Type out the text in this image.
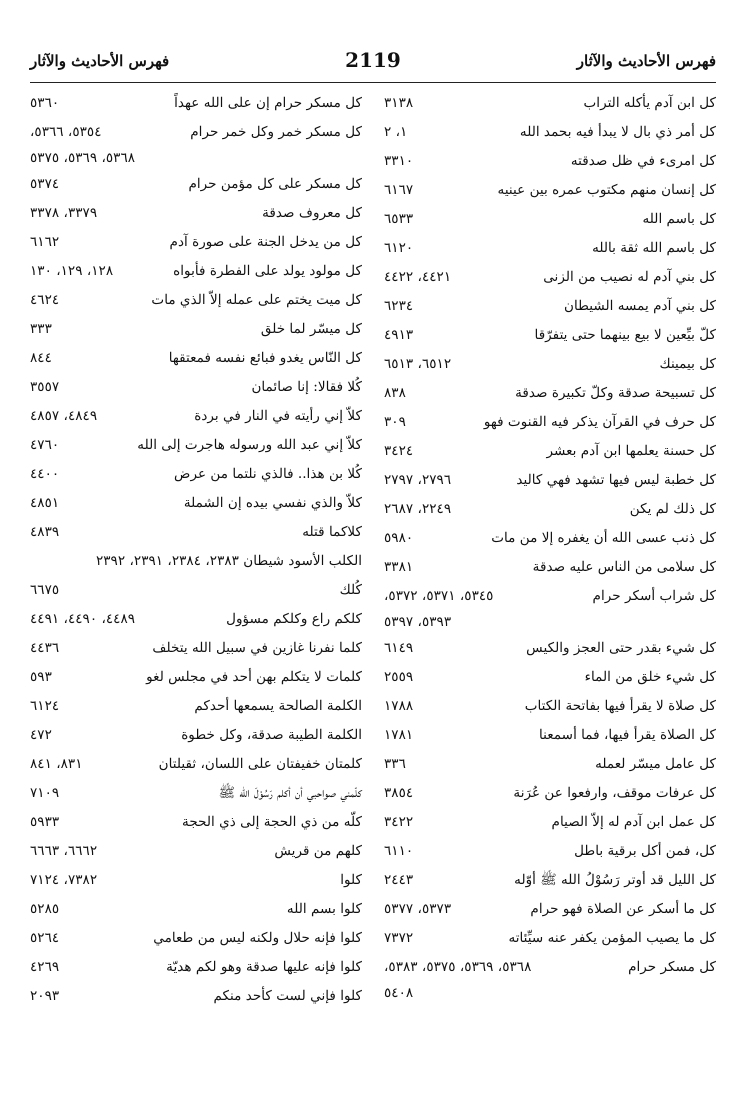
فهرس الأحاديث والآثار
2119
فهرس الأحاديث والآثار
كل ابن آدم يأكله التراب
٣١٣٨
كل أمر ذي بال لا يبدأ فيه بحمد الله
١، ٢
كل امرىء في ظل صدقته
٣٣١٠
كل إنسان منهم مكتوب عمره بين عينيه
٦١٦٧
كل باسم الله
٦٥٣٣
كل باسم الله ثقة بالله
٦١٢٠
كل بني آدم له نصيب من الزنى
٤٤٢١، ٤٤٢٢
كل بني آدم يمسه الشيطان
٦٢٣٤
كلّ بيِّعين لا بيع بينهما حتى يتفرّقا
٤٩١٣
كل بيمينك
٦٥١٢، ٦٥١٣
كل تسبيحة صدقة وكلّ تكبيرة صدقة
٨٣٨
كل حرف في القرآن يذكر فيه القنوت فهو
٣٠٩
كل حسنة يعلمها ابن آدم بعشر
٣٤٢٤
كل خطبة ليس فيها تشهد فهي كاليد
٢٧٩٦، ٢٧٩٧
كل ذلك لم يكن
٢٢٤٩، ٢٦٨٧
كل ذنب عسى الله أن يغفره إلا من مات
٥٩٨٠
كل سلامى من الناس عليه صدقة
٣٣٨١
كل شراب أسكر حرام
٥٣٤٥، ٥٣٧١، ٥٣٧٢،
٥٣٩٣، ٥٣٩٧
كل شيء بقدر حتى العجز والكيس
٦١٤٩
كل شيء خلق من الماء
٢٥٥٩
كل صلاة لا يقرأ فيها بفاتحة الكتاب
١٧٨٨
كل الصلاة يقرأ فيها، فما أسمعنا
١٧٨١
كل عامل ميسّر لعمله
٣٣٦
كل عرفات موقف، وارفعوا عن عُرَنة
٣٨٥٤
كل عمل ابن آدم له إلاّ الصيام
٣٤٢٢
كل، فمن أكل برقية باطل
٦١١٠
كل الليل قد أوتر رَسُوْلُ الله ﷺ أوّله
٢٤٤٣
كل ما أسكر عن الصلاة فهو حرام
٥٣٧٣، ٥٣٧٧
كل ما يصيب المؤمن يكفر عنه سيِّئاته
٧٣٧٢
كل مسكر حرام
٥٣٦٨، ٥٣٦٩، ٥٣٧٥، ٥٣٨٣،
٥٤٠٨
كل مسكر حرام إن على الله عهداً
٥٣٦٠
كل مسكر خمر وكل خمر حرام
٥٣٥٤، ٥٣٦٦،
٥٣٦٨، ٥٣٦٩، ٥٣٧٥
كل مسكر على كل مؤمن حرام
٥٣٧٤
كل معروف صدقة
٣٣٧٩، ٣٣٧٨
كل من يدخل الجنة على صورة آدم
٦١٦٢
كل مولود يولد على الفطرة فأبواه
١٢٨، ١٢٩، ١٣٠
كل ميت يختم على عمله إلاّ الذي مات
٤٦٢٤
كل ميسّر لما خلق
٣٣٣
كل النّاس يغدو فبائع نفسه فمعتقها
٨٤٤
كُلا فقالا: إنا صائمان
٣٥٥٧
كلاّ إني رأيته في النار في بردة
٤٨٤٩، ٤٨٥٧
كلاّ إني عبد الله ورسوله هاجرت إلى الله
٤٧٦٠
كُلا بن هذا.. فالذي نلتما من عرض
٤٤٠٠
كلاّ والذي نفسي بيده إن الشملة
٤٨٥١
كلاكما قتله
٤٨٣٩
الكلب الأسود شيطان ٢٣٨٣، ٢٣٨٤، ٢٣٩١، ٢٣٩٢
كُلك
٦٦٧٥
كلكم راع وكلكم مسؤول
٤٤٨٩، ٤٤٩٠، ٤٤٩١
كلما نفرنا غازين في سبيل الله يتخلف
٤٤٣٦
كلمات لا يتكلم بهن أحد في مجلس لغو
٥٩٣
الكلمة الصالحة يسمعها أحدكم
٦١٢٤
الكلمة الطيبة صدقة، وكل خطوة
٤٧٢
كلمتان خفيفتان على اللسان، ثقيلتان
٨٣١، ٨٤١
كلّمني صواحبي أن أكلم رَسُوْلَ الله ﷺ
٧١٠٩
كلّه من ذي الحجة إلى ذي الحجة
٥٩٣٣
كلهم من قريش
٦٦٦٢، ٦٦٦٣
كلوا
٧٣٨٢، ٧١٢٤
كلوا بسم الله
٥٢٨٥
كلوا فإنه حلال ولكنه ليس من طعامي
٥٢٦٤
كلوا فإنه عليها صدقة وهو لكم هديّة
٤٢٦٩
كلوا فإني لست كأحد منكم
٢٠٩٣
